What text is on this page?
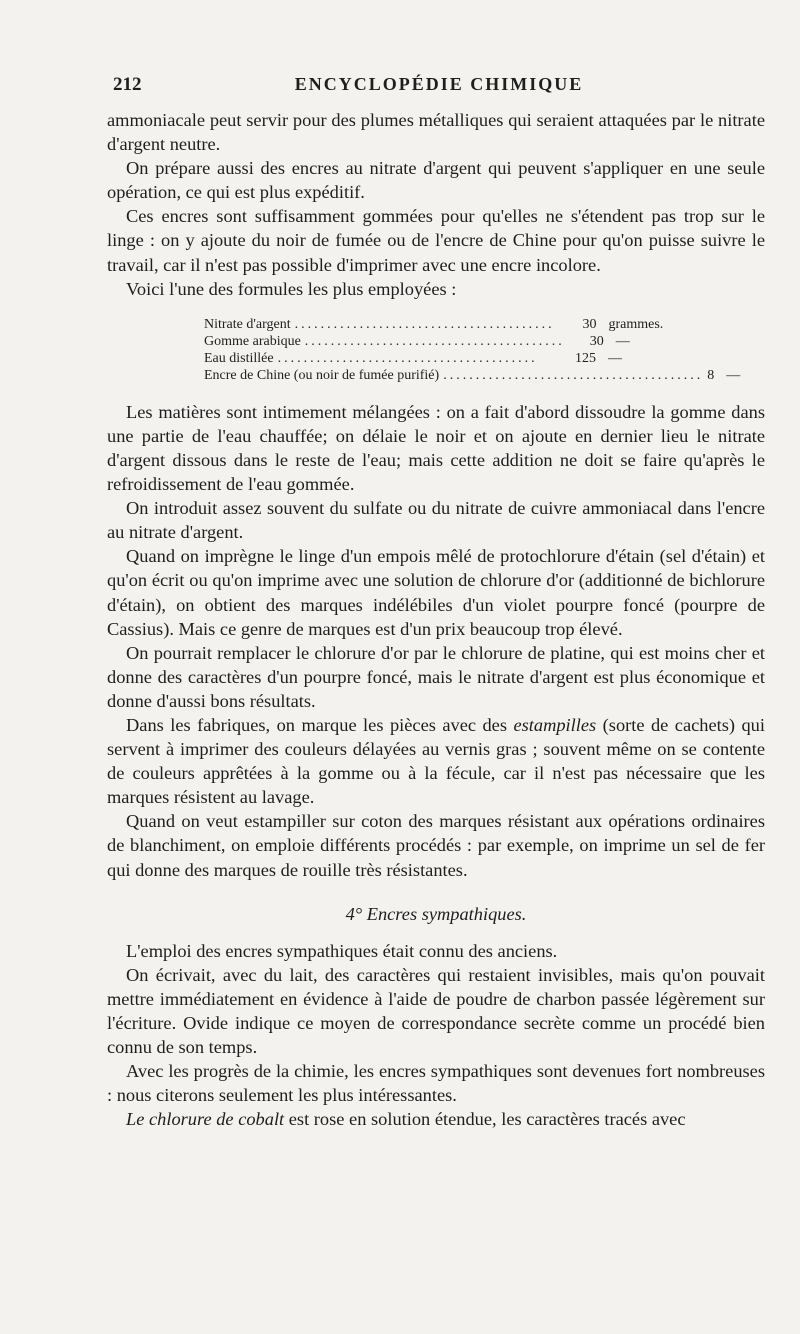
212	ENCYCLOPÉDIE CHIMIQUE

ammoniacale peut servir pour des plumes métalliques qui seraient attaquées par le nitrate d'argent neutre.

On prépare aussi des encres au nitrate d'argent qui peuvent s'appliquer en une seule opération, ce qui est plus expéditif.

Ces encres sont suffisamment gommées pour qu'elles ne s'étendent pas trop sur le linge : on y ajoute du noir de fumée ou de l'encre de Chine pour qu'on puisse suivre le travail, car il n'est pas possible d'imprimer avec une encre incolore.

Voici l'une des formules les plus employées :

Nitrate d'argent ........................................	30 grammes.
Gomme arabique ........................................	30 —
Eau distillée ........................................	125 —
Encre de Chine (ou noir de fumée purifié) ........................................ 8 —

Les matières sont intimement mélangées : on a fait d'abord dissoudre la gomme dans une partie de l'eau chauffée; on délaie le noir et on ajoute en dernier lieu le nitrate d'argent dissous dans le reste de l'eau; mais cette addition ne doit se faire qu'après le refroidissement de l'eau gommée.

On introduit assez souvent du sulfate ou du nitrate de cuivre ammoniacal dans l'encre au nitrate d'argent.

Quand on imprègne le linge d'un empois mêlé de protochlorure d'étain (sel d'étain) et qu'on écrit ou qu'on imprime avec une solution de chlorure d'or (additionné de bichlorure d'étain), on obtient des marques indélébiles d'un violet pourpre foncé (pourpre de Cassius). Mais ce genre de marques est d'un prix beaucoup trop élevé.

On pourrait remplacer le chlorure d'or par le chlorure de platine, qui est moins cher et donne des caractères d'un pourpre foncé, mais le nitrate d'argent est plus économique et donne d'aussi bons résultats.

Dans les fabriques, on marque les pièces avec des estampilles (sorte de cachets) qui servent à imprimer des couleurs délayées au vernis gras ; souvent même on se contente de couleurs apprêtées à la gomme ou à la fécule, car il n'est pas nécessaire que les marques résistent au lavage.

Quand on veut estampiller sur coton des marques résistant aux opérations ordinaires de blanchiment, on emploie différents procédés : par exemple, on imprime un sel de fer qui donne des marques de rouille très résistantes.

4° Encres sympathiques.

L'emploi des encres sympathiques était connu des anciens.

On écrivait, avec du lait, des caractères qui restaient invisibles, mais qu'on pouvait mettre immédiatement en évidence à l'aide de poudre de charbon passée légèrement sur l'écriture. Ovide indique ce moyen de correspondance secrète comme un procédé bien connu de son temps.

Avec les progrès de la chimie, les encres sympathiques sont devenues fort nombreuses : nous citerons seulement les plus intéressantes.

Le chlorure de cobalt est rose en solution étendue, les caractères tracés avec
